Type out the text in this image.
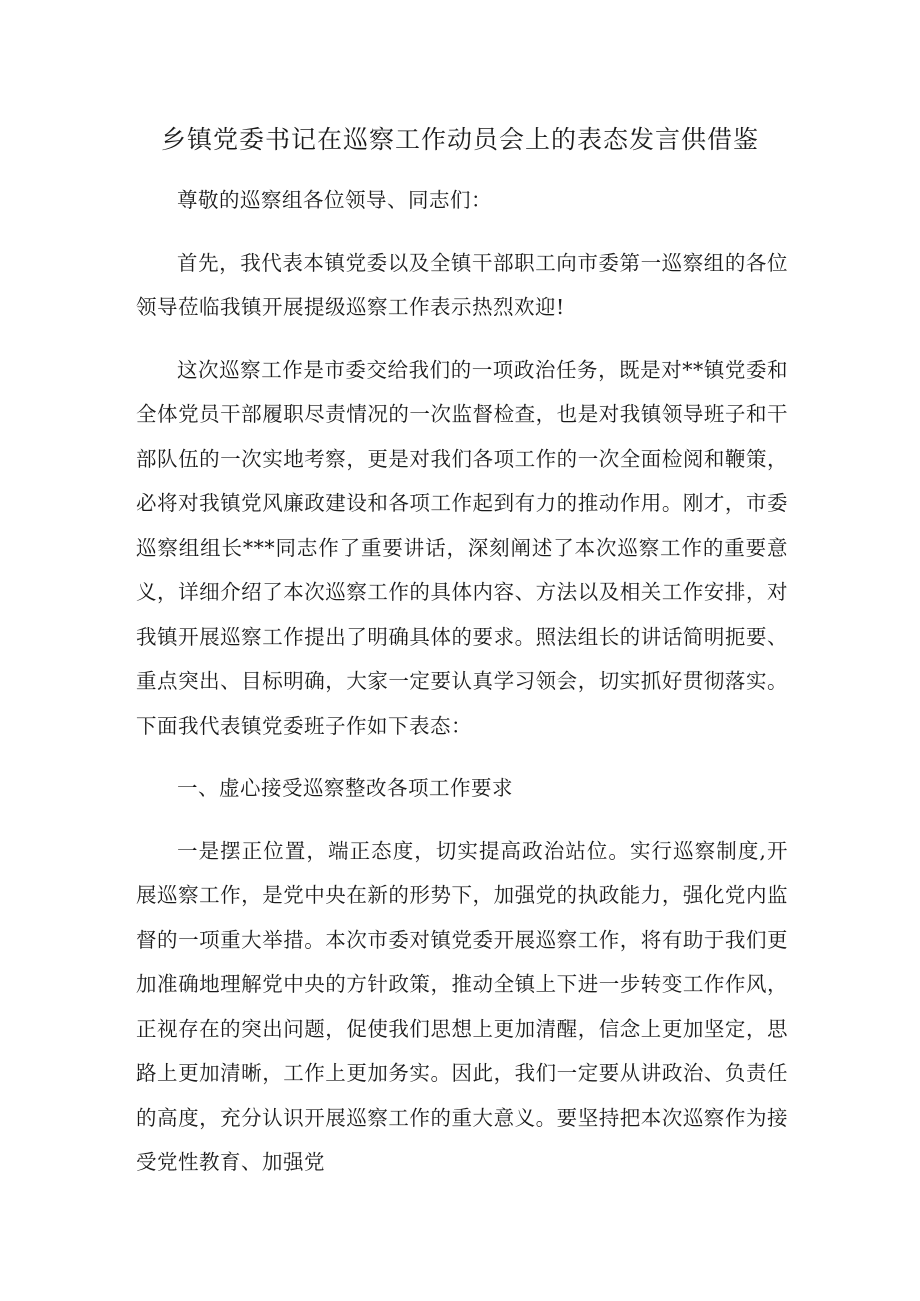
乡镇党委书记在巡察工作动员会上的表态发言供借鉴

尊敬的巡察组各位领导、同志们：

首先，我代表本镇党委以及全镇干部职工向市委第一巡察组的各位领导莅临我镇开展提级巡察工作表示热烈欢迎!

这次巡察工作是市委交给我们的一项政治任务，既是对**镇党委和全体党员干部履职尽责情况的一次监督检查，也是对我镇领导班子和干部队伍的一次实地考察，更是对我们各项工作的一次全面检阅和鞭策，必将对我镇党风廉政建设和各项工作起到有力的推动作用。刚才，市委巡察组组长***同志作了重要讲话，深刻阐述了本次巡察工作的重要意义，详细介绍了本次巡察工作的具体内容、方法以及相关工作安排，对我镇开展巡察工作提出了明确具体的要求。照法组长的讲话简明扼要、重点突出、目标明确，大家一定要认真学习领会，切实抓好贯彻落实。下面我代表镇党委班子作如下表态：

一、虚心接受巡察整改各项工作要求

一是摆正位置，端正态度，切实提高政治站位。实行巡察制度,开展巡察工作，是党中央在新的形势下，加强党的执政能力，强化党内监督的一项重大举措。本次市委对镇党委开展巡察工作，将有助于我们更加准确地理解党中央的方针政策，推动全镇上下进一步转变工作作风，正视存在的突出问题，促使我们思想上更加清醒，信念上更加坚定，思路上更加清晰，工作上更加务实。因此，我们一定要从讲政治、负责任的高度，充分认识开展巡察工作的重大意义。要坚持把本次巡察作为接受党性教育、加强党
